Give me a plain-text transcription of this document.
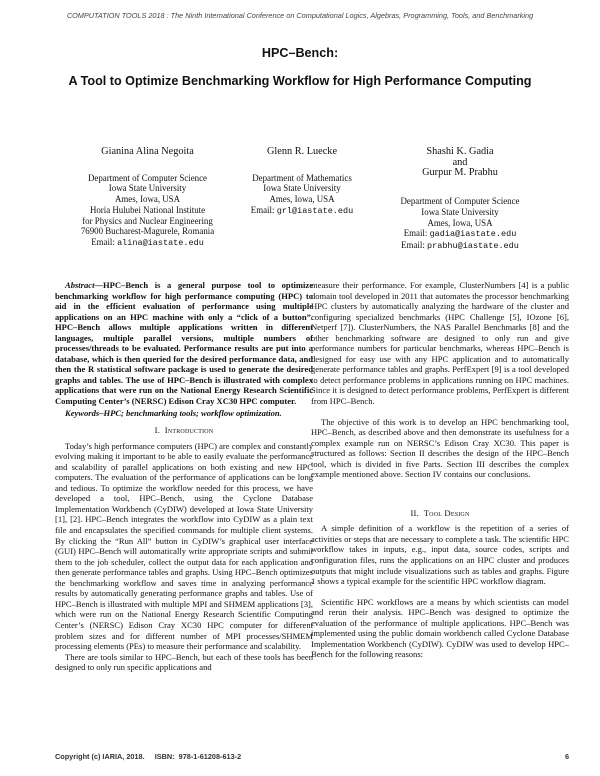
COMPUTATION TOOLS 2018 : The Ninth International Conference on Computational Logics, Algebras, Programming, Tools, and Benchmarking
HPC–Bench:
A Tool to Optimize Benchmarking Workflow for High Performance Computing
Gianina Alina Negoita
Department of Computer Science
Iowa State University
Ames, Iowa, USA
Horia Hulubei National Institute
for Physics and Nuclear Engineering
76900 Bucharest-Magurele, Romania
Email: alina@iastate.edu
Glenn R. Luecke
Department of Mathematics
Iowa State University
Ames, Iowa, USA
Email: grl@iastate.edu
Shashi K. Gadia
and
Gurpur M. Prabhu
Department of Computer Science
Iowa State University
Ames, Iowa, USA
Email: gadia@iastate.edu
Email: prabhu@iastate.edu

Abstract—HPC–Bench is a general purpose tool to optimize benchmarking workflow for high performance computing (HPC) to aid in the efficient evaluation of performance using multiple applications on an HPC machine with only a “click of a button”. HPC–Bench allows multiple applications written in different languages, multiple parallel versions, multiple numbers of processes/threads to be evaluated. Performance results are put into a database, which is then queried for the desired performance data, and then the R statistical software package is used to generate the desired graphs and tables. The use of HPC–Bench is illustrated with complex applications that were run on the National Energy Research Scientific Computing Center’s (NERSC) Edison Cray XC30 HPC computer.

Keywords–HPC; benchmarking tools; workflow optimization.

I. Introduction

Today’s high performance computers (HPC) are complex and constantly evolving making it important to be able to easily evaluate the performance and scalability of parallel applications on both existing and new HPC computers. The evaluation of the performance of applications can be long and tedious. To optimize the workflow needed for this process, we have developed a tool, HPC–Bench, using the Cyclone Database Implementation Workbench (CyDIW) developed at Iowa State University [1], [2]. HPC–Bench integrates the workflow into CyDIW as a plain text file and encapsulates the specified commands for multiple client systems. By clicking the “Run All” button in CyDIW’s graphical user interface (GUI) HPC–Bench will automatically write appropriate scripts and submit them to the job scheduler, collect the output data for each application and then generate performance tables and graphs. Using HPC–Bench optimizes the benchmarking workflow and saves time in analyzing performance results by automatically generating performance graphs and tables. Use of HPC–Bench is illustrated with multiple MPI and SHMEM applications [3], which were run on the National Energy Research Scientific Computing Center’s (NERSC) Edison Cray XC30 HPC computer for different problem sizes and for different number of MPI processes/SHMEM processing elements (PEs) to measure their performance and scalability.

There are tools similar to HPC–Bench, but each of these tools has been designed to only run specific applications and

measure their performance. For example, ClusterNumbers [4] is a public domain tool developed in 2011 that automates the processor benchmarking HPC clusters by automatically analyzing the hardware of the cluster and configuring specialized benchmarks (HPC Challenge [5], IOzone [6], Netperf [7]). ClusterNumbers, the NAS Parallel Benchmarks [8] and the other benchmarking software are designed to only run and give performance numbers for particular benchmarks, whereas HPC–Bench is designed for easy use with any HPC application and to automatically generate performance tables and graphs. PerfExpert [9] is a tool developed to detect performance problems in applications running on HPC machines. Since it is designed to detect performance problems, PerfExpert is different from HPC–Bench.

The objective of this work is to develop an HPC benchmarking tool, HPC–Bench, as described above and then demonstrate its usefulness for a complex example run on NERSC’s Edison Cray XC30. This paper is structured as follows: Section II describes the design of the HPC–Bench tool, which is divided in five Parts. Section III describes the complex example mentioned above. Section IV contains our conclusions.

II. Tool Design

A simple definition of a workflow is the repetition of a series of activities or steps that are necessary to complete a task. The scientific HPC workflow takes in inputs, e.g., input data, source codes, scripts and configuration files, runs the applications on an HPC cluster and produces outputs that might include visualizations such as tables and graphs. Figure 1 shows a typical example for the scientific HPC workflow diagram.

Scientific HPC workflows are a means by which scientists can model and rerun their analysis. HPC–Bench was designed to optimize the evaluation of the performance of multiple applications. HPC–Bench was implemented using the public domain workbench called Cyclone Database Implementation Workbench (CyDIW). CyDIW was used to develop HPC–Bench for the following reasons:

Copyright (c) IARIA, 2018.     ISBN:  978-1-61208-613-2	6
